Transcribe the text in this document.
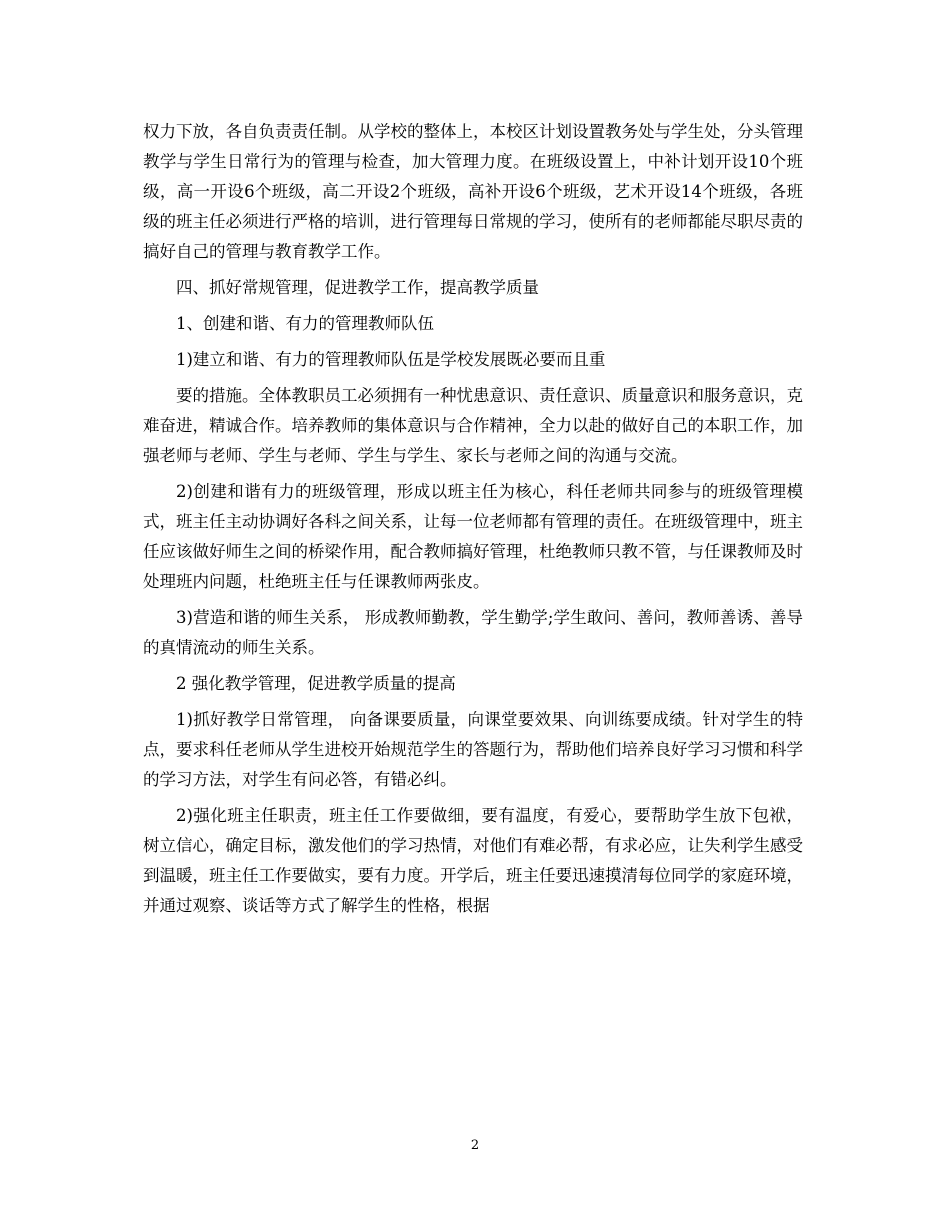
权力下放，各自负责责任制。从学校的整体上，本校区计划设置教务处与学生处，分头管理教学与学生日常行为的管理与检查，加大管理力度。在班级设置上，中补计划开设10个班级，高一开设6个班级，高二开设2个班级，高补开设6个班级，艺术开设14个班级，各班级的班主任必须进行严格的培训，进行管理每日常规的学习，使所有的老师都能尽职尽责的搞好自己的管理与教育教学工作。

四、抓好常规管理，促进教学工作，提高教学质量

1、创建和谐、有力的管理教师队伍

1)建立和谐、有力的管理教师队伍是学校发展既必要而且重

要的措施。全体教职员工必须拥有一种忧患意识、责任意识、质量意识和服务意识，克难奋进，精诚合作。培养教师的集体意识与合作精神，全力以赴的做好自己的本职工作，加强老师与老师、学生与老师、学生与学生、家长与老师之间的沟通与交流。

2)创建和谐有力的班级管理，形成以班主任为核心，科任老师共同参与的班级管理模式，班主任主动协调好各科之间关系，让每一位老师都有管理的责任。在班级管理中，班主任应该做好师生之间的桥梁作用，配合教师搞好管理，杜绝教师只教不管，与任课教师及时处理班内问题，杜绝班主任与任课教师两张皮。

3)营造和谐的师生关系， 形成教师勤教，学生勤学;学生敢问、善问，教师善诱、善导的真情流动的师生关系。

2 强化教学管理，促进教学质量的提高

1)抓好教学日常管理， 向备课要质量，向课堂要效果、向训练要成绩。针对学生的特点，要求科任老师从学生进校开始规范学生的答题行为，帮助他们培养良好学习习惯和科学的学习方法，对学生有问必答，有错必纠。

2)强化班主任职责，班主任工作要做细，要有温度，有爱心，要帮助学生放下包袱，树立信心，确定目标，激发他们的学习热情，对他们有难必帮，有求必应，让失利学生感受到温暖，班主任工作要做实，要有力度。开学后，班主任要迅速摸清每位同学的家庭环境，并通过观察、谈话等方式了解学生的性格，根据

2
